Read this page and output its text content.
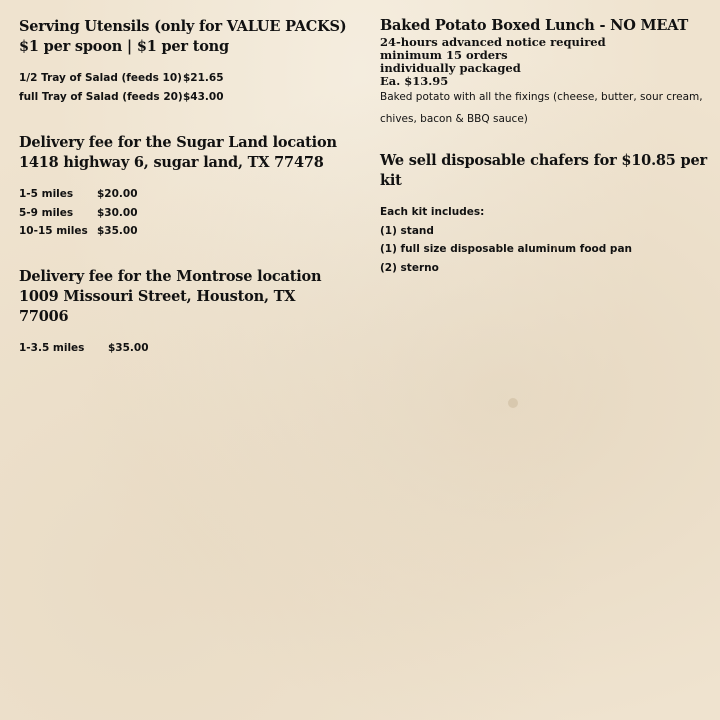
Serving Utensils (only for VALUE PACKS) $1 per spoon | $1 per tong

1/2 Tray of Salad (feeds 10) $21.65
full Tray of Salad (feeds 20) $43.00

Delivery fee for the Sugar Land location 1418 highway 6, sugar land, TX 77478

1-5 miles	$20.00
5-9 miles	$30.00
10-15 miles $35.00

Delivery fee for the Montrose location 1009 Missouri Street, Houston, TX 77006

1-3.5 miles	$35.00

Baked Potato Boxed Lunch - NO MEAT

24-hours advanced notice required
minimum 15 orders
individually packaged
Ea. $13.95
Baked potato with all the fixings (cheese, butter, sour cream, chives, bacon & BBQ sauce)

We sell disposable chafers for $10.85 per kit

Each kit includes:
(1) stand
(1) full size disposable aluminum food pan
(2) sterno
